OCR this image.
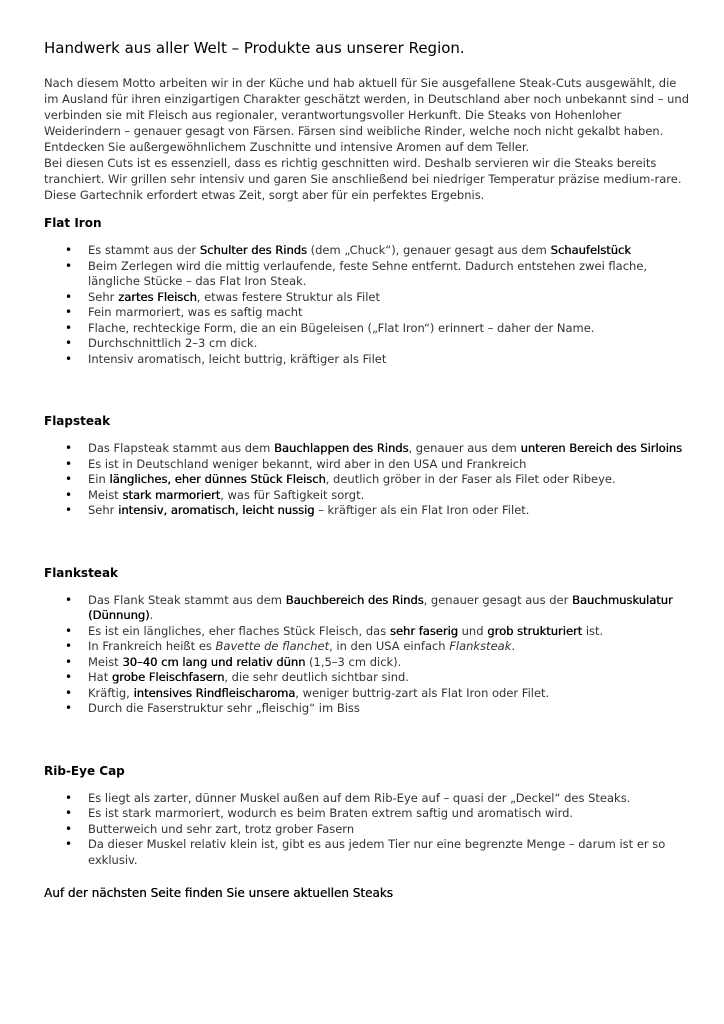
Handwerk aus aller Welt – Produkte aus unserer Region.

Nach diesem Motto arbeiten wir in der Küche und hab aktuell für Sie ausgefallene Steak-Cuts ausgewählt, die im Ausland für ihren einzigartigen Charakter geschätzt werden, in Deutschland aber noch unbekannt sind – und verbinden sie mit Fleisch aus regionaler, verantwortungsvoller Herkunft. Die Steaks von Hohenloher Weiderindern – genauer gesagt von Färsen. Färsen sind weibliche Rinder, welche noch nicht gekalbt haben. Entdecken Sie außergewöhnlichem Zuschnitte und intensive Aromen auf dem Teller.

Bei diesen Cuts ist es essenziell, dass es richtig geschnitten wird. Deshalb servieren wir die Steaks bereits tranchiert. Wir grillen sehr intensiv und garen Sie anschließend bei niedriger Temperatur präzise medium-rare. Diese Gartechnik erfordert etwas Zeit, sorgt aber für ein perfektes Ergebnis.

Flat Iron
• Es stammt aus der Schulter des Rinds (dem „Chuck“), genauer gesagt aus dem Schaufelstück
• Beim Zerlegen wird die mittig verlaufende, feste Sehne entfernt. Dadurch entstehen zwei flache, längliche Stücke – das Flat Iron Steak.
• Sehr zartes Fleisch, etwas festere Struktur als Filet
• Fein marmoriert, was es saftig macht
• Flache, rechteckige Form, die an ein Bügeleisen („Flat Iron“) erinnert – daher der Name.
• Durchschnittlich 2–3 cm dick.
• Intensiv aromatisch, leicht buttrig, kräftiger als Filet
Flapsteak
• Das Flapsteak stammt aus dem Bauchlappen des Rinds, genauer aus dem unteren Bereich des Sirloins
• Es ist in Deutschland weniger bekannt, wird aber in den USA und Frankreich
• Ein längliches, eher dünnes Stück Fleisch, deutlich gröber in der Faser als Filet oder Ribeye.
• Meist stark marmoriert, was für Saftigkeit sorgt.
• Sehr intensiv, aromatisch, leicht nussig – kräftiger als ein Flat Iron oder Filet.
Flanksteak
• Das Flank Steak stammt aus dem Bauchbereich des Rinds, genauer gesagt aus der Bauchmuskulatur (Dünnung).
• Es ist ein längliches, eher flaches Stück Fleisch, das sehr faserig und grob strukturiert ist.
• In Frankreich heißt es Bavette de flanchet, in den USA einfach Flanksteak.
• Meist 30–40 cm lang und relativ dünn (1,5–3 cm dick).
• Hat grobe Fleischfasern, die sehr deutlich sichtbar sind.
• Kräftig, intensives Rindfleischaroma, weniger buttrig-zart als Flat Iron oder Filet.
• Durch die Faserstruktur sehr „fleischig“ im Biss
Rib-Eye Cap
• Es liegt als zarter, dünner Muskel außen auf dem Rib-Eye auf – quasi der „Deckel“ des Steaks.
• Es ist stark marmoriert, wodurch es beim Braten extrem saftig und aromatisch wird.
• Butterweich und sehr zart, trotz grober Fasern
• Da dieser Muskel relativ klein ist, gibt es aus jedem Tier nur eine begrenzte Menge – darum ist er so exklusiv.

Auf der nächsten Seite finden Sie unsere aktuellen Steaks
